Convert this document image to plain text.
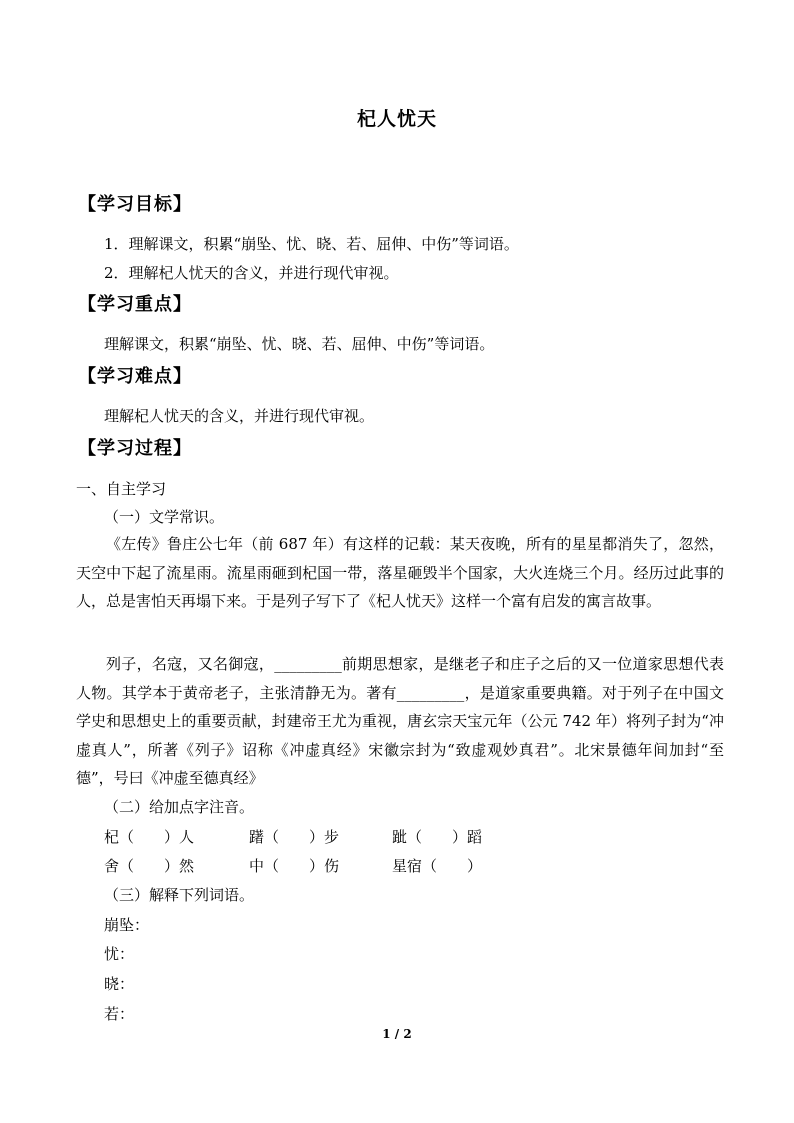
杞人忧天
【学习目标】
1．理解课文，积累“崩坠、忧、晓、若、屈伸、中伤”等词语。
2．理解杞人忧天的含义，并进行现代审视。
【学习重点】
理解课文，积累“崩坠、忧、晓、若、屈伸、中伤”等词语。
【学习难点】
理解杞人忧天的含义，并进行现代审视。
【学习过程】
一、自主学习
（一）文学常识。

《左传》鲁庄公七年（前 687 年）有这样的记载：某天夜晚，所有的星星都消失了，忽然，天空中下起了流星雨。流星雨砸到杞国一带，落星砸毁半个国家，大火连烧三个月。经历过此事的人，总是害怕天再塌下来。于是列子写下了《杞人忧天》这样一个富有启发的寓言故事。

列子，名寇，又名御寇，_________前期思想家，是继老子和庄子之后的又一位道家思想代表人物。其学本于黄帝老子，主张清静无为。著有_________，是道家重要典籍。对于列子在中国文学史和思想史上的重要贡献，封建帝王尤为重视，唐玄宗天宝元年（公元 742 年）将列子封为“冲虚真人”，所著《列子》诏称《冲虚真经》宋徽宗封为“致虚观妙真君”。北宋景德年间加封“至德”，号曰《冲虚至德真经》

（二）给加点字注音。
杞（　　）人	躇（　　）步	跐（　　）蹈
舍（　　）然	中（　　）伤	星宿（　　）
（三）解释下列词语。
崩坠：
忧：
晓：
若：
1 / 2
